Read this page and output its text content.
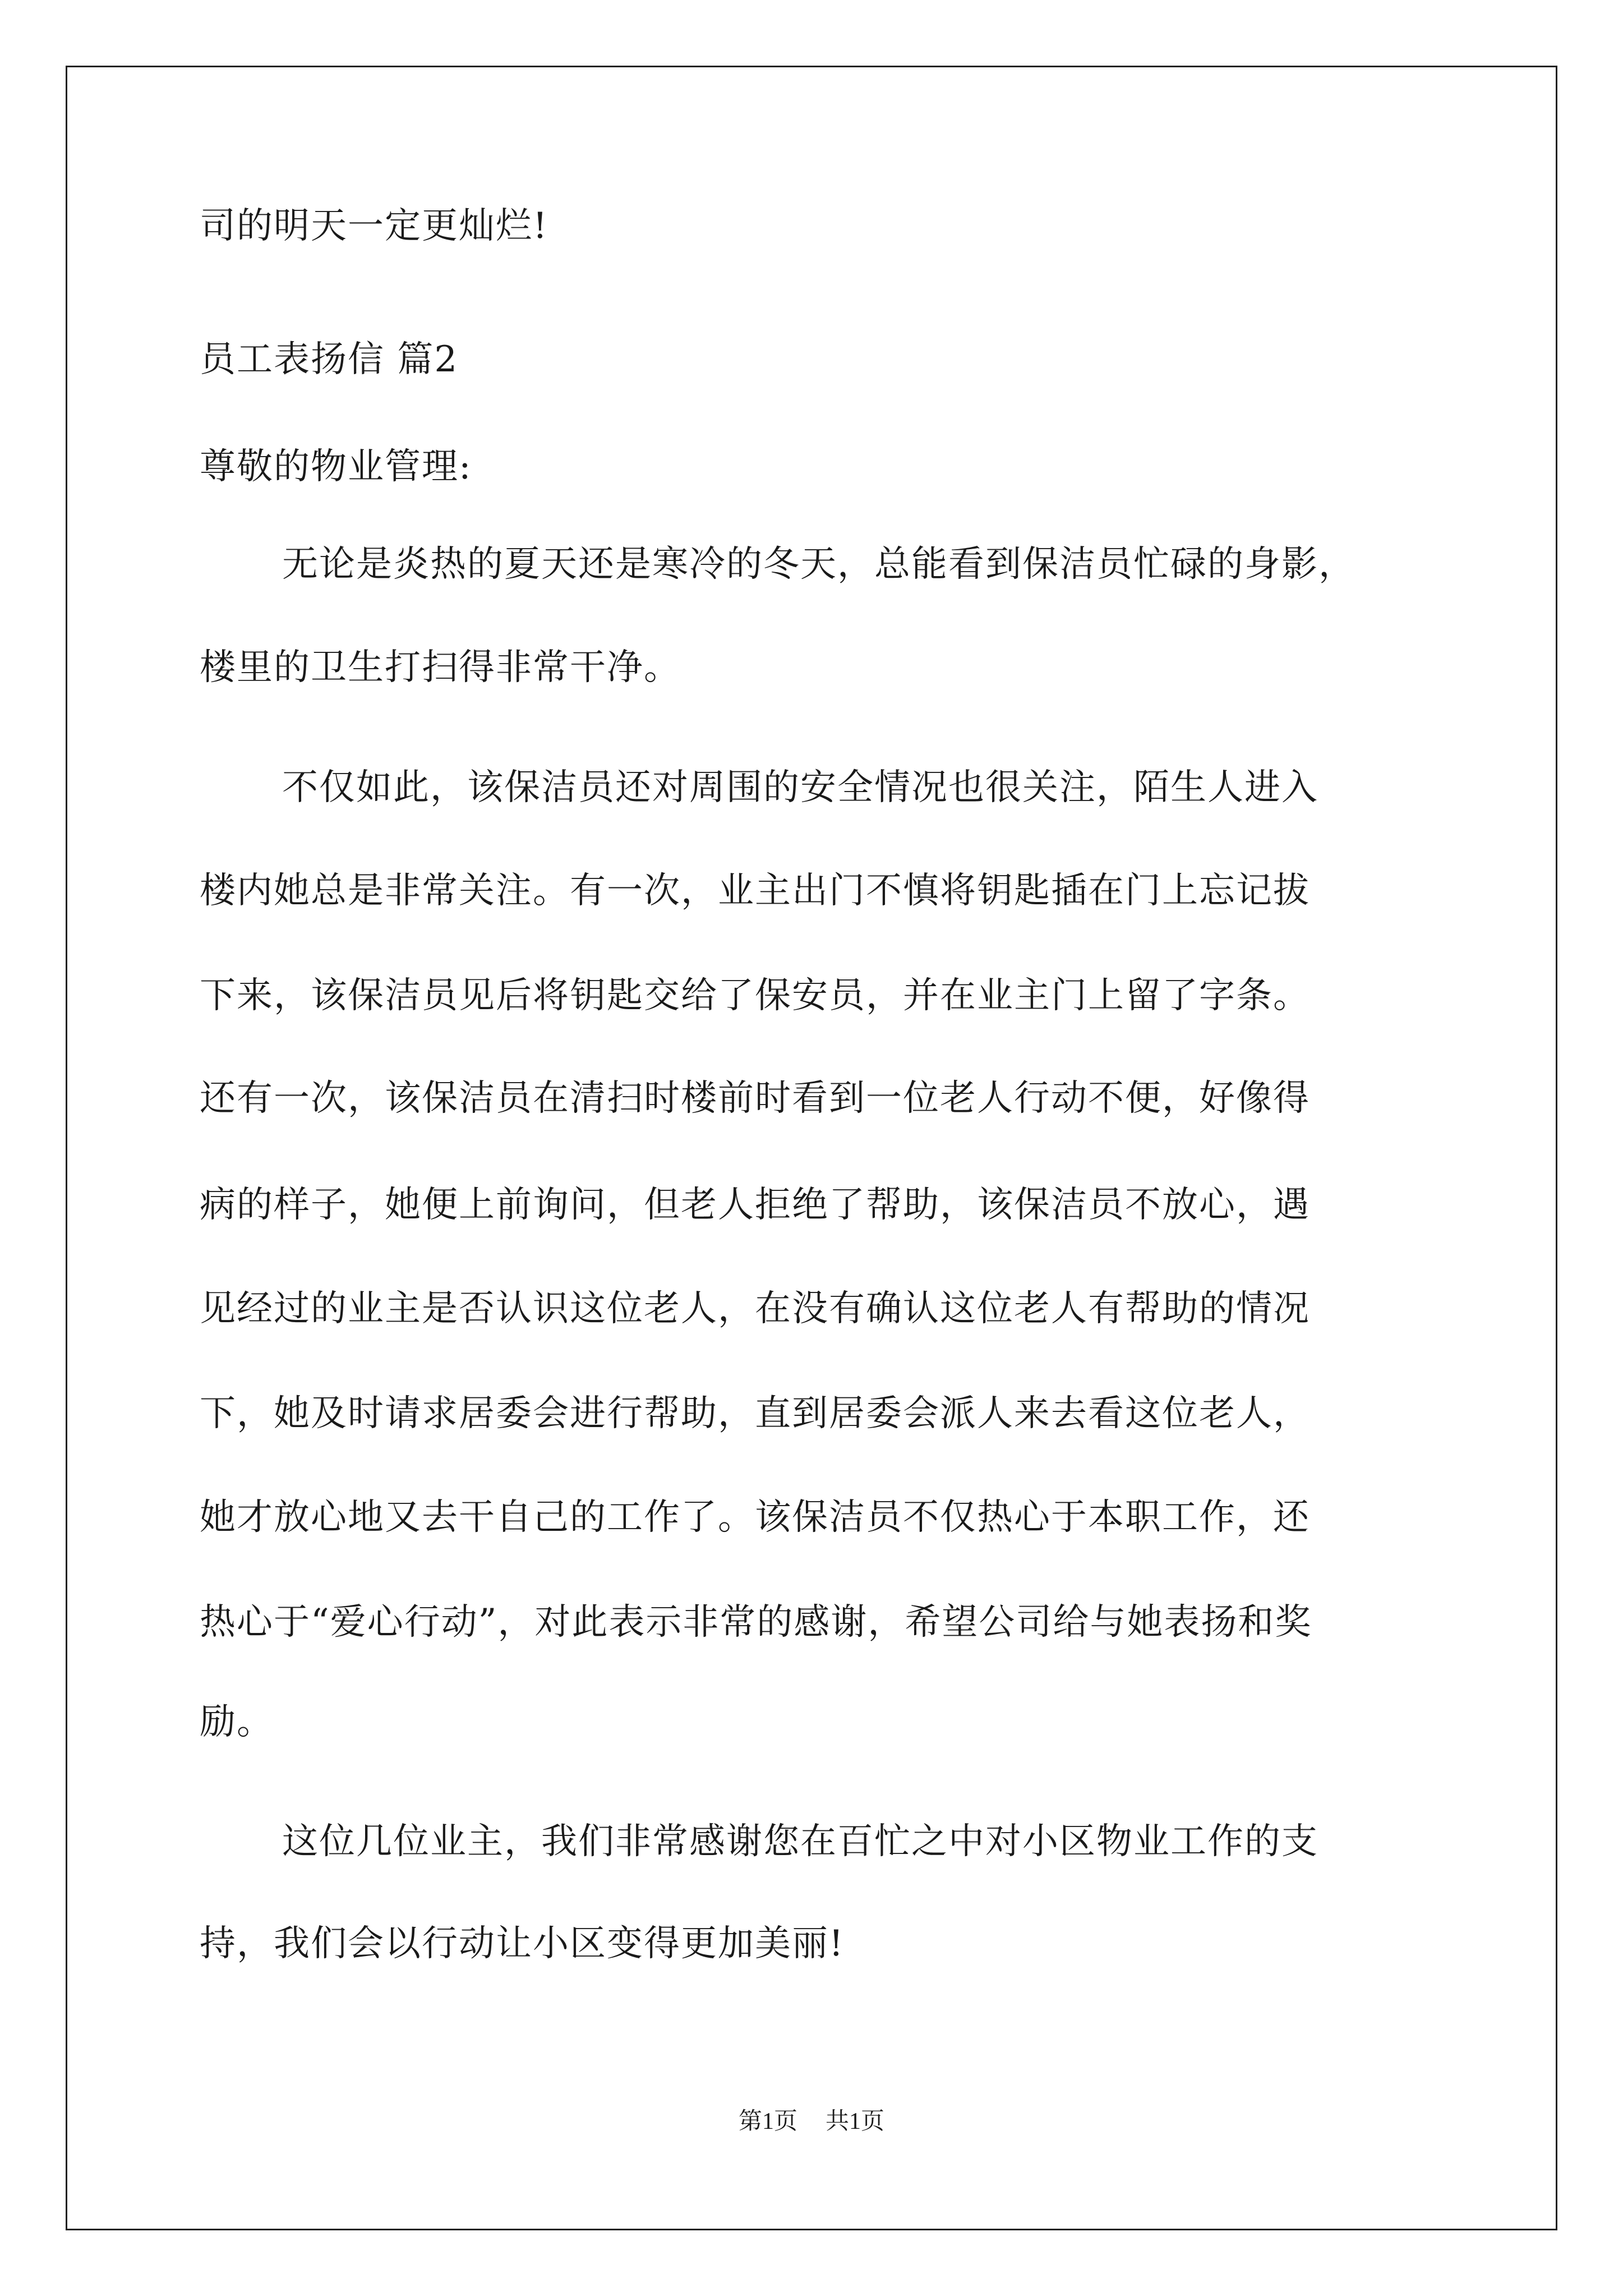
司的明天一定更灿烂!
员工表扬信 篇2
尊敬的物业管理:
无论是炎热的夏天还是寒冷的冬天，总能看到保洁员忙碌的身影，
楼里的卫生打扫得非常干净。
不仅如此，该保洁员还对周围的安全情况也很关注，陌生人进入
楼内她总是非常关注。有一次，业主出门不慎将钥匙插在门上忘记拔
下来，该保洁员见后将钥匙交给了保安员，并在业主门上留了字条。
还有一次，该保洁员在清扫时楼前时看到一位老人行动不便，好像得
病的样子，她便上前询问，但老人拒绝了帮助，该保洁员不放心，遇
见经过的业主是否认识这位老人，在没有确认这位老人有帮助的情况
下，她及时请求居委会进行帮助，直到居委会派人来去看这位老人，
她才放心地又去干自己的工作了。该保洁员不仅热心于本职工作，还
热心于“爱心行动”，对此表示非常的感谢，希望公司给与她表扬和奖
励。
这位几位业主，我们非常感谢您在百忙之中对小区物业工作的支
持，我们会以行动让小区变得更加美丽!
第1页 共1页
